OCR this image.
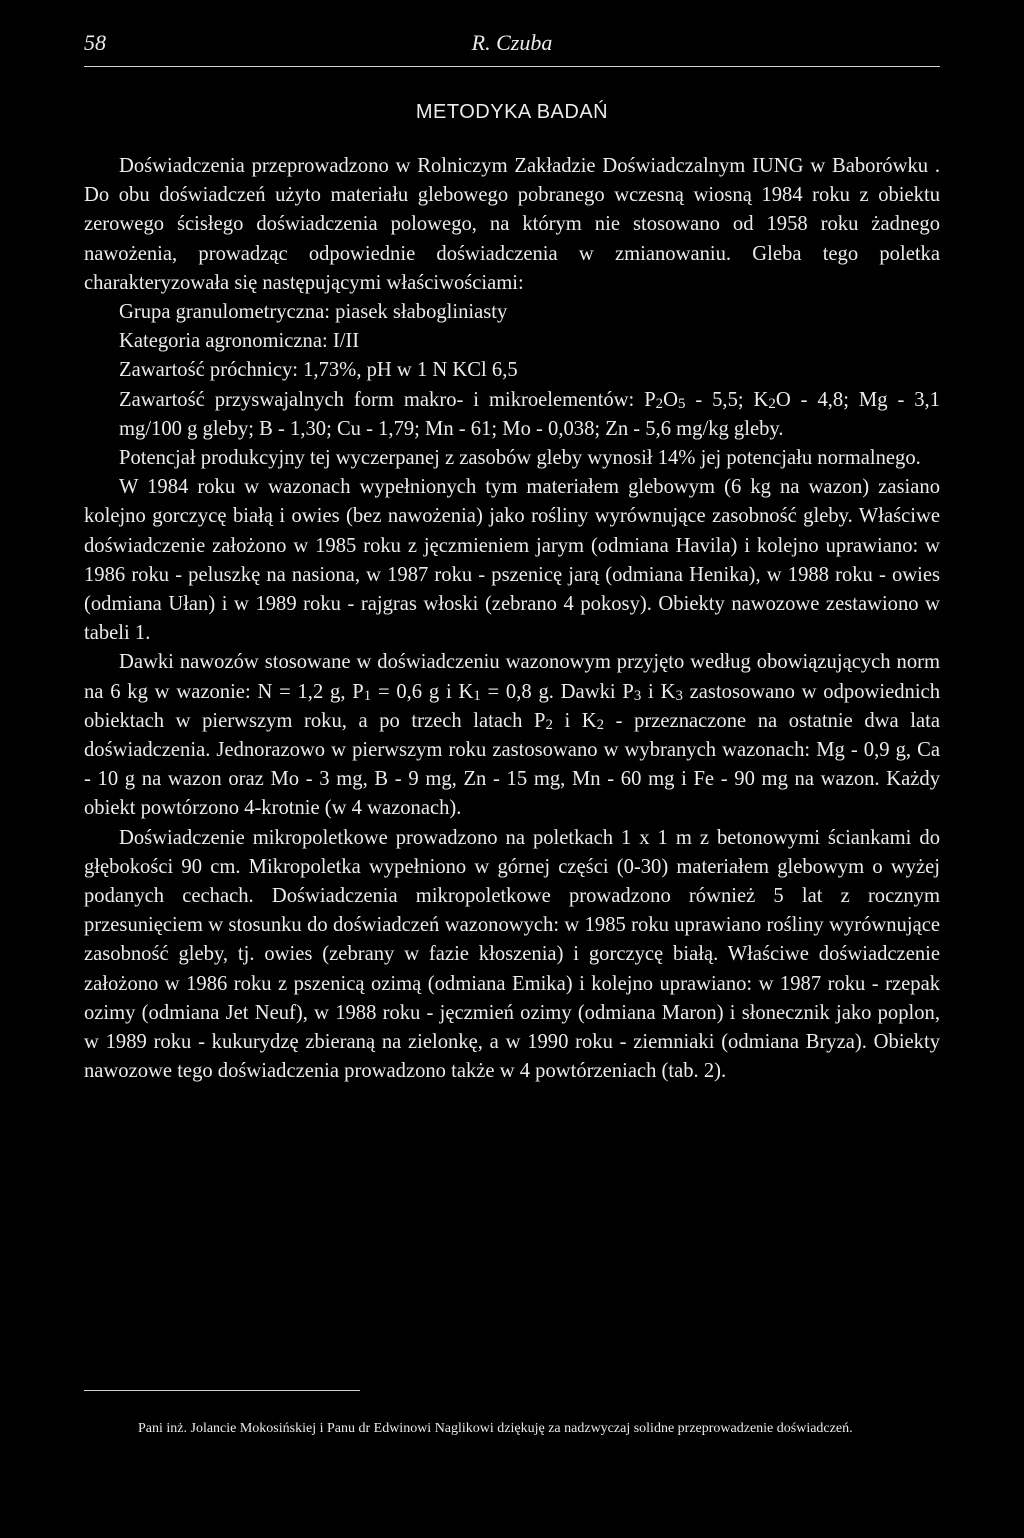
58	R. Czuba
METODYKA BADAŃ

Doświadczenia przeprowadzono w Rolniczym Zakładzie Doświadczalnym IUNG w Baborówku . Do obu doświadczeń użyto materiału glebowego pobranego wczesną wiosną 1984 roku z obiektu zerowego ścisłego doświadczenia polowego, na którym nie stosowano od 1958 roku żadnego nawożenia, prowadząc odpowiednie doświadczenia w zmianowaniu. Gleba tego poletka charakteryzowała się następującymi właściwościami:

Grupa granulometryczna: piasek słabogliniasty

Kategoria agronomiczna: I/II

Zawartość próchnicy: 1,73%, pH w 1 N KCl 6,5

Zawartość przyswajalnych form makro- i mikroelementów: $P_2O_5 - 5,5$; $K_2O - 4,8$; Mg - 3,1 mg/100 g gleby; B - 1,30; Cu - 1,79; Mn - 61; Mo - 0,038; Zn - 5,6 mg/kg gleby.

Potencjał produkcyjny tej wyczerpanej z zasobów gleby wynosił 14% jej potencjału normalnego.

W 1984 roku w wazonach wypełnionych tym materiałem glebowym (6 kg na wazon) zasiano kolejno gorczycę białą i owies (bez nawożenia) jako rośliny wyrównujące zasobność gleby. Właściwe doświadczenie założono w 1985 roku z jęczmieniem jarym (odmiana Havila) i kolejno uprawiano: w 1986 roku - peluszkę na nasiona, w 1987 roku - pszenicę jarą (odmiana Henika), w 1988 roku - owies (odmiana Ułan) i w 1989 roku - rajgras włoski (zebrano 4 pokosy). Obiekty nawozowe zestawiono w tabeli 1.

Dawki nawozów stosowane w doświadczeniu wazonowym przyjęto według obowiązujących norm na 6 kg w wazonie: N = 1,2 g, $P_1 = 0,6$ g i $K_1 = 0,8$ g. Dawki $P_3$ i $K_3$ zastosowano w odpowiednich obiektach w pierwszym roku, a po trzech latach $P_2$ i $K_2$ - przeznaczone na ostatnie dwa lata doświadczenia. Jednorazowo w pierwszym roku zastosowano w wybranych wazonach: Mg - 0,9 g, Ca - 10 g na wazon oraz Mo - 3 mg, B - 9 mg, Zn - 15 mg, Mn - 60 mg i Fe - 90 mg na wazon. Każdy obiekt powtórzono 4-krotnie (w 4 wazonach).

Doświadczenie mikropoletkowe prowadzono na poletkach 1 x 1 m z betonowymi ściankami do głębokości 90 cm. Mikropoletka wypełniono w górnej części (0-30) materiałem glebowym o wyżej podanych cechach. Doświadczenia mikropoletkowe prowadzono również 5 lat z rocznym przesunięciem w stosunku do doświadczeń wazonowych: w 1985 roku uprawiano rośliny wyrównujące zasobność gleby, tj. owies (zebrany w fazie kłoszenia) i gorczycę białą. Właściwe doświadczenie założono w 1986 roku z pszenicą ozimą (odmiana Emika) i kolejno uprawiano: w 1987 roku - rzepak ozimy (odmiana Jet Neuf), w 1988 roku - jęczmień ozimy (odmiana Maron) i słonecznik jako poplon, w 1989 roku - kukurydzę zbieraną na zielonkę, a w 1990 roku - ziemniaki (odmiana Bryza). Obiekty nawozowe tego doświadczenia prowadzono także w 4 powtórzeniach (tab. 2).

Pani inż. Jolancie Mokosińskiej i Panu dr Edwinowi Naglikowi dziękuję za nadzwyczaj solidne przeprowadzenie doświadczeń.
